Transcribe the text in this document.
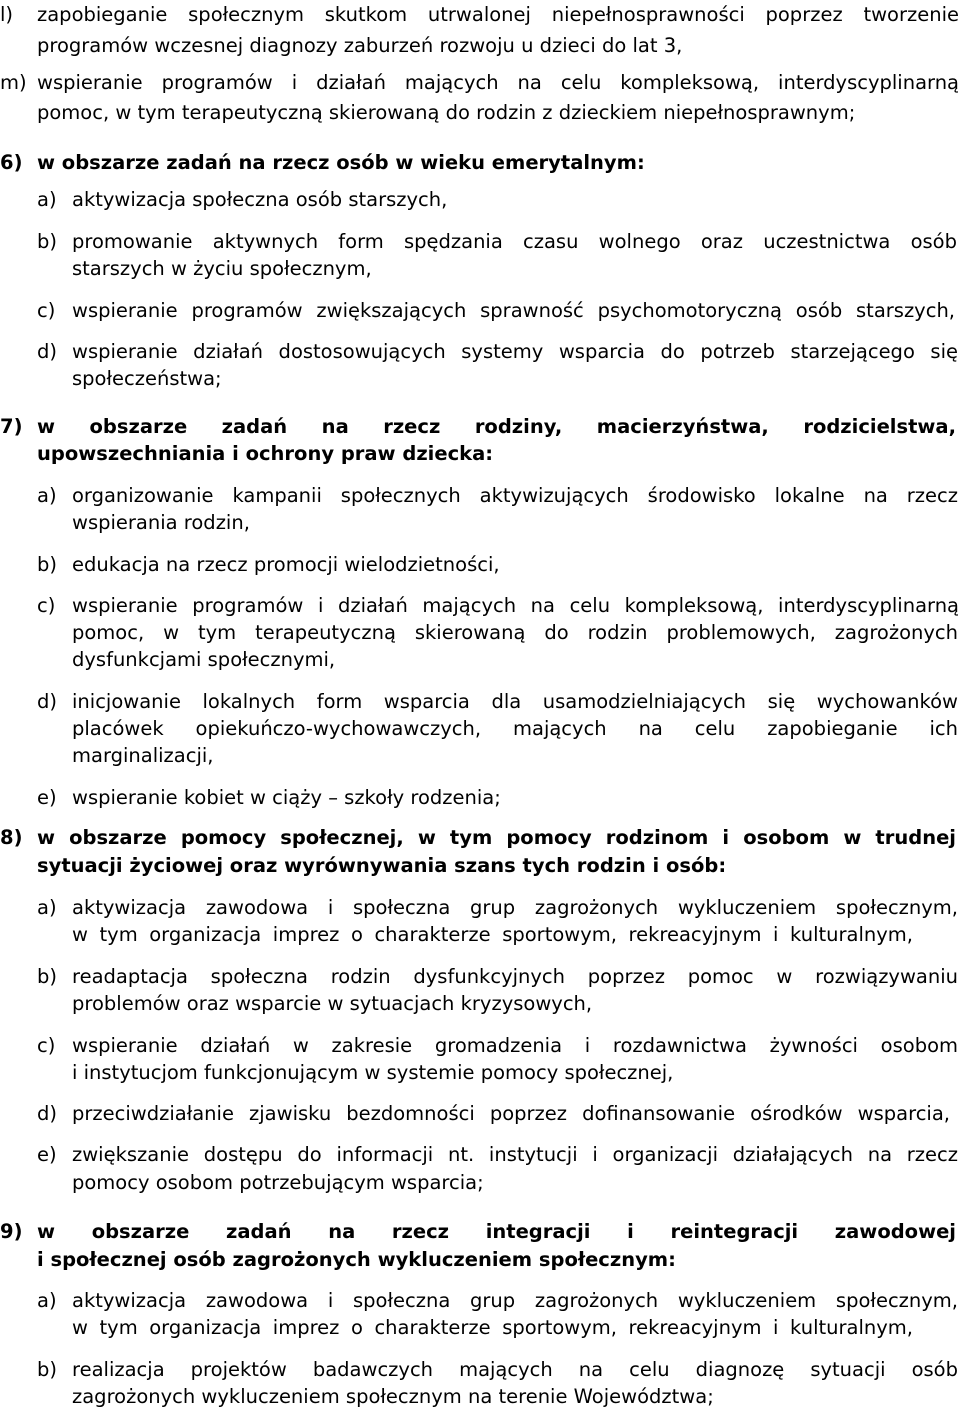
l) zapobieganie społecznym skutkom utrwalonej niepełnosprawności poprzez tworzenie
programów wczesnej diagnozy zaburzeń rozwoju u dzieci do lat 3,
m) wspieranie programów i działań mających na celu kompleksową, interdyscyplinarną
pomoc, w tym terapeutyczną skierowaną do rodzin z dzieckiem niepełnosprawnym;
6) w obszarze zadań na rzecz osób w wieku emerytalnym:
a) aktywizacja społeczna osób starszych,
b) promowanie aktywnych form spędzania czasu wolnego oraz uczestnictwa osób
starszych w życiu społecznym,
c) wspieranie programów zwiększających sprawność psychomotoryczną osób starszych,
d) wspieranie działań dostosowujących systemy wsparcia do potrzeb starzejącego się
społeczeństwa;
7) w obszarze zadań na rzecz rodziny, macierzyństwa, rodzicielstwa,
upowszechniania i ochrony praw dziecka:
a) organizowanie kampanii społecznych aktywizujących środowisko lokalne na rzecz
wspierania rodzin,
b) edukacja na rzecz promocji wielodzietności,
c) wspieranie programów i działań mających na celu kompleksową, interdyscyplinarną
pomoc, w tym terapeutyczną skierowaną do rodzin problemowych, zagrożonych
dysfunkcjami społecznymi,
d) inicjowanie lokalnych form wsparcia dla usamodzielniających się wychowanków
placówek opiekuńczo-wychowawczych, mających na celu zapobieganie ich
marginalizacji,
e) wspieranie kobiet w ciąży – szkoły rodzenia;
8) w obszarze pomocy społecznej, w tym pomocy rodzinom i osobom w trudnej
sytuacji życiowej oraz wyrównywania szans tych rodzin i osób:
a) aktywizacja zawodowa i społeczna grup zagrożonych wykluczeniem społecznym,
w tym organizacja imprez o charakterze sportowym, rekreacyjnym i kulturalnym,
b) readaptacja społeczna rodzin dysfunkcyjnych poprzez pomoc w rozwiązywaniu
problemów oraz wsparcie w sytuacjach kryzysowych,
c) wspieranie działań w zakresie gromadzenia i rozdawnictwa żywności osobom
i instytucjom funkcjonującym w systemie pomocy społecznej,
d) przeciwdziałanie zjawisku bezdomności poprzez dofinansowanie ośrodków wsparcia,
e) zwiększanie dostępu do informacji nt. instytucji i organizacji działających na rzecz
pomocy osobom potrzebującym wsparcia;
9) w obszarze zadań na rzecz integracji i reintegracji zawodowej
i społecznej osób zagrożonych wykluczeniem społecznym:
a) aktywizacja zawodowa i społeczna grup zagrożonych wykluczeniem społecznym,
w tym organizacja imprez o charakterze sportowym, rekreacyjnym i kulturalnym,
b) realizacja projektów badawczych mających na celu diagnozę sytuacji osób
zagrożonych wykluczeniem społecznym na terenie Województwa;
